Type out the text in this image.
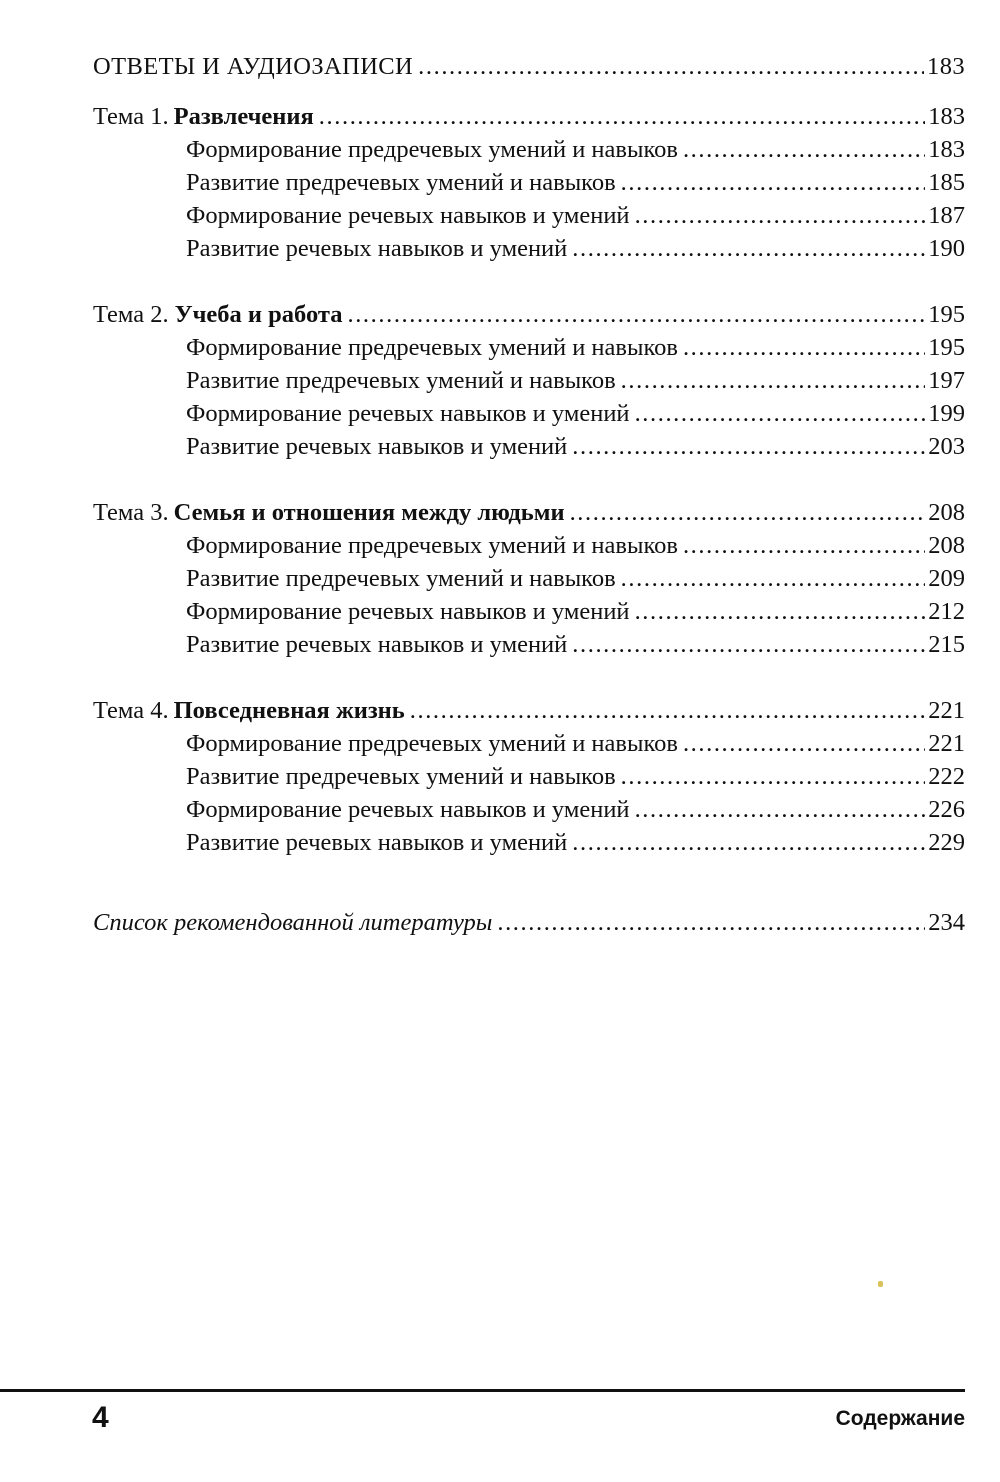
ОТВЕТЫ И АУДИОЗАПИСИ .....	183
Тема 1. Развлечения .....	183
Формирование предречевых умений и навыков .....	183
Развитие предречевых умений и навыков .....	185
Формирование речевых навыков и умений .....	187
Развитие речевых навыков и умений .....	190
Тема 2. Учеба и работа .....	195
Формирование предречевых умений и навыков .....	195
Развитие предречевых умений и навыков .....	197
Формирование речевых навыков и умений .....	199
Развитие речевых навыков и умений .....	203
Тема 3. Семья и отношения между людьми .....	208
Формирование предречевых умений и навыков .....	208
Развитие предречевых умений и навыков .....	209
Формирование речевых навыков и умений .....	212
Развитие речевых навыков и умений .....	215
Тема 4. Повседневная жизнь .....	221
Формирование предречевых умений и навыков .....	221
Развитие предречевых умений и навыков .....	222
Формирование речевых навыков и умений .....	226
Развитие речевых навыков и умений .....	229
Список рекомендованной литературы .....	234
4	Содержание
